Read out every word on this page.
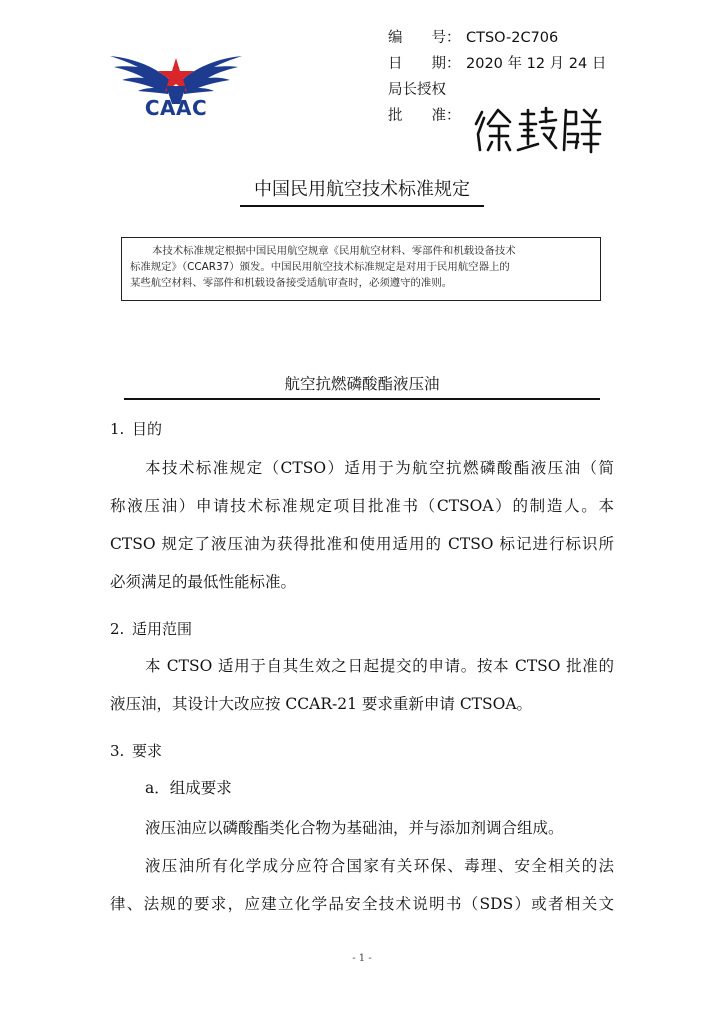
CAAC
编　　号： CTSO-2C706
日　　期： 2020 年 12 月 24 日
局长授权
批　　准：
中国民用航空技术标准规定
本技术标准规定根据中国民用航空规章《民用航空材料、零部件和机载设备技术
标准规定》（CCAR37）颁发。中国民用航空技术标准规定是对用于民用航空器上的
某些航空材料、零部件和机载设备接受适航审查时，必须遵守的准则。
航空抗燃磷酸酯液压油
1. 目的
本技术标准规定（CTSO）适用于为航空抗燃磷酸酯液压油（简
称液压油）申请技术标准规定项目批准书（CTSOA）的制造人。本
CTSO 规定了液压油为获得批准和使用适用的 CTSO 标记进行标识所
必须满足的最低性能标准。
2. 适用范围
本 CTSO 适用于自其生效之日起提交的申请。按本 CTSO 批准的
液压油，其设计大改应按 CCAR-21 要求重新申请 CTSOA。
3. 要求
a．组成要求
液压油应以磷酸酯类化合物为基础油，并与添加剂调合组成。
液压油所有化学成分应符合国家有关环保、毒理、安全相关的法
律、法规的要求，应建立化学品安全技术说明书（SDS）或者相关文
- 1 -
